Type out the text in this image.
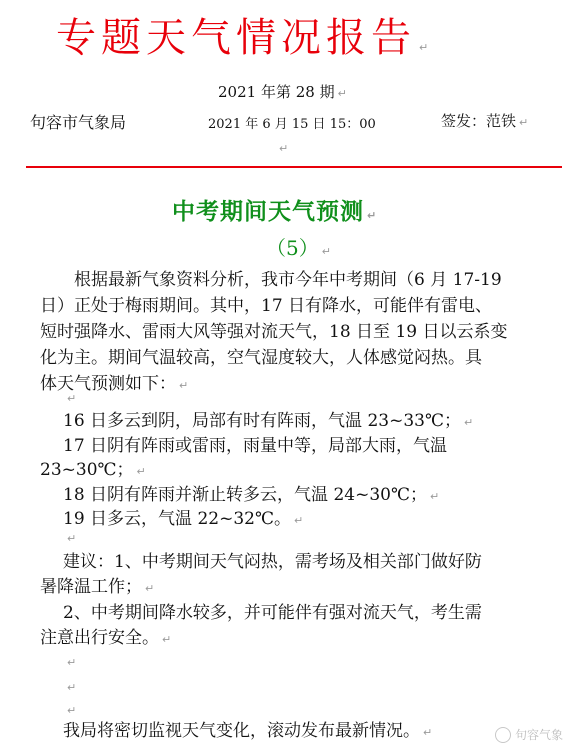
专题天气情况报告 ↵
2021 年第 28 期 ↵
句容市气象局	2021 年 6 月 15 日 15：00	签发：范铁 ↵
↵
中考期间天气预测 ↵
（5） ↵
根据最新气象资料分析，我市今年中考期间（6 月 17-19
日）正处于梅雨期间。其中，17 日有降水，可能伴有雷电、
短时强降水、雷雨大风等强对流天气，18 日至 19 日以云系变
化为主。期间气温较高，空气湿度较大，人体感觉闷热。具
体天气预测如下： ↵
↵
16 日多云到阴，局部有时有阵雨，气温 23~33℃； ↵
17 日阴有阵雨或雷雨，雨量中等，局部大雨，气温
23~30℃； ↵
18 日阴有阵雨并渐止转多云，气温 24~30℃； ↵
19 日多云，气温 22~32℃。 ↵
↵
建议：1、中考期间天气闷热，需考场及相关部门做好防
暑降温工作； ↵
2、中考期间降水较多，并可能伴有强对流天气，考生需
注意出行安全。 ↵
↵
↵
↵
我局将密切监视天气变化，滚动发布最新情况。 ↵	句容气象
